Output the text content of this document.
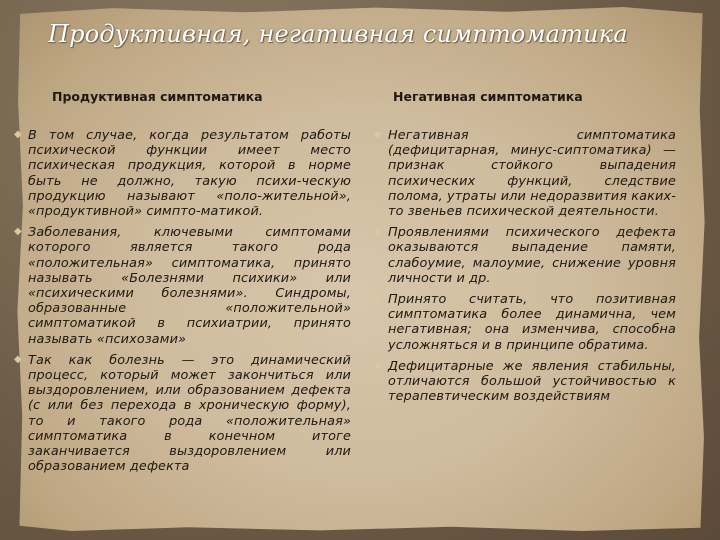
Продуктивная, негативная симптоматика
Продуктивная симптоматика	Негативная симптоматика
◆ В том случае, когда результатом работы психической функции имеет место психическая продукция, которой в норме быть не должно, такую психи-ческую продукцию называют «поло-жительной», «продуктивной» симпто-матикой.

◆ Заболевания, ключевыми симптомами которого является такого рода «положительная» симптоматика, принято называть «Болезнями психики» или «психическими болезнями». Синдромы, образованные «положительной» симптоматикой в психиатрии, принято называть «психозами»

◆ Так как болезнь — это динамический процесс, который может закончиться или выздоровлением, или образованием дефекта (с или без перехода в хроническую форму), то и такого рода «положительная» симптоматика в конечном итоге заканчивается выздоровлением или образованием дефекта

◆ Негативная симптоматика (дефицитарная, минус-сиптоматика) — признак стойкого выпадения психических функций, следствие полома, утраты или недоразвития каких-то звеньев психической деятельности.

◆ Проявлениями психического дефекта оказываются выпадение памяти, слабоумие, малоумие, снижение уровня личности и др.

◆ Принято считать, что позитивная симптоматика более динамична, чем негативная; она изменчива, способна усложняться и в принципе обратима.

◆ Дефицитарные же явления стабильны, отличаются большой устойчивостью к терапевтическим воздействиям
